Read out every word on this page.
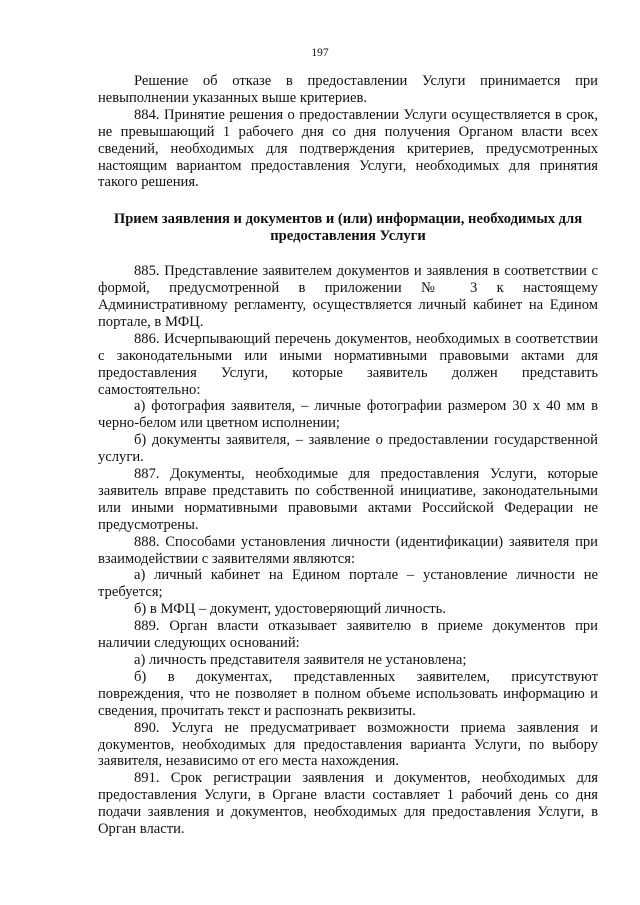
197

Решение об отказе в предоставлении Услуги принимается при невыполнении указанных выше критериев.

884. Принятие решения о предоставлении Услуги осуществляется в срок, не превышающий 1 рабочего дня со дня получения Органом власти всех сведений, необходимых для подтверждения критериев, предусмотренных настоящим вариантом предоставления Услуги, необходимых для принятия такого решения.

Прием заявления и документов и (или) информации, необходимых для предоставления Услуги

885. Представление заявителем документов и заявления в соответствии с формой, предусмотренной в приложении № 3 к настоящему Административному регламенту, осуществляется личный кабинет на Едином портале, в МФЦ.

886. Исчерпывающий перечень документов, необходимых в соответствии с законодательными или иными нормативными правовыми актами для предоставления Услуги, которые заявитель должен представить самостоятельно:

а) фотография заявителя, – личные фотографии размером 30 х 40 мм в черно-белом или цветном исполнении;

б) документы заявителя, – заявление о предоставлении государственной услуги.

887. Документы, необходимые для предоставления Услуги, которые заявитель вправе представить по собственной инициативе, законодательными или иными нормативными правовыми актами Российской Федерации не предусмотрены.

888. Способами установления личности (идентификации) заявителя при взаимодействии с заявителями являются:

а) личный кабинет на Едином портале – установление личности не требуется;

б) в МФЦ – документ, удостоверяющий личность.

889. Орган власти отказывает заявителю в приеме документов при наличии следующих оснований:

а) личность представителя заявителя не установлена;

б) в документах, представленных заявителем, присутствуют повреждения, что не позволяет в полном объеме использовать информацию и сведения, прочитать текст и распознать реквизиты.

890. Услуга не предусматривает возможности приема заявления и документов, необходимых для предоставления варианта Услуги, по выбору заявителя, независимо от его места нахождения.

891. Срок регистрации заявления и документов, необходимых для предоставления Услуги, в Органе власти составляет 1 рабочий день со дня подачи заявления и документов, необходимых для предоставления Услуги, в Орган власти.
